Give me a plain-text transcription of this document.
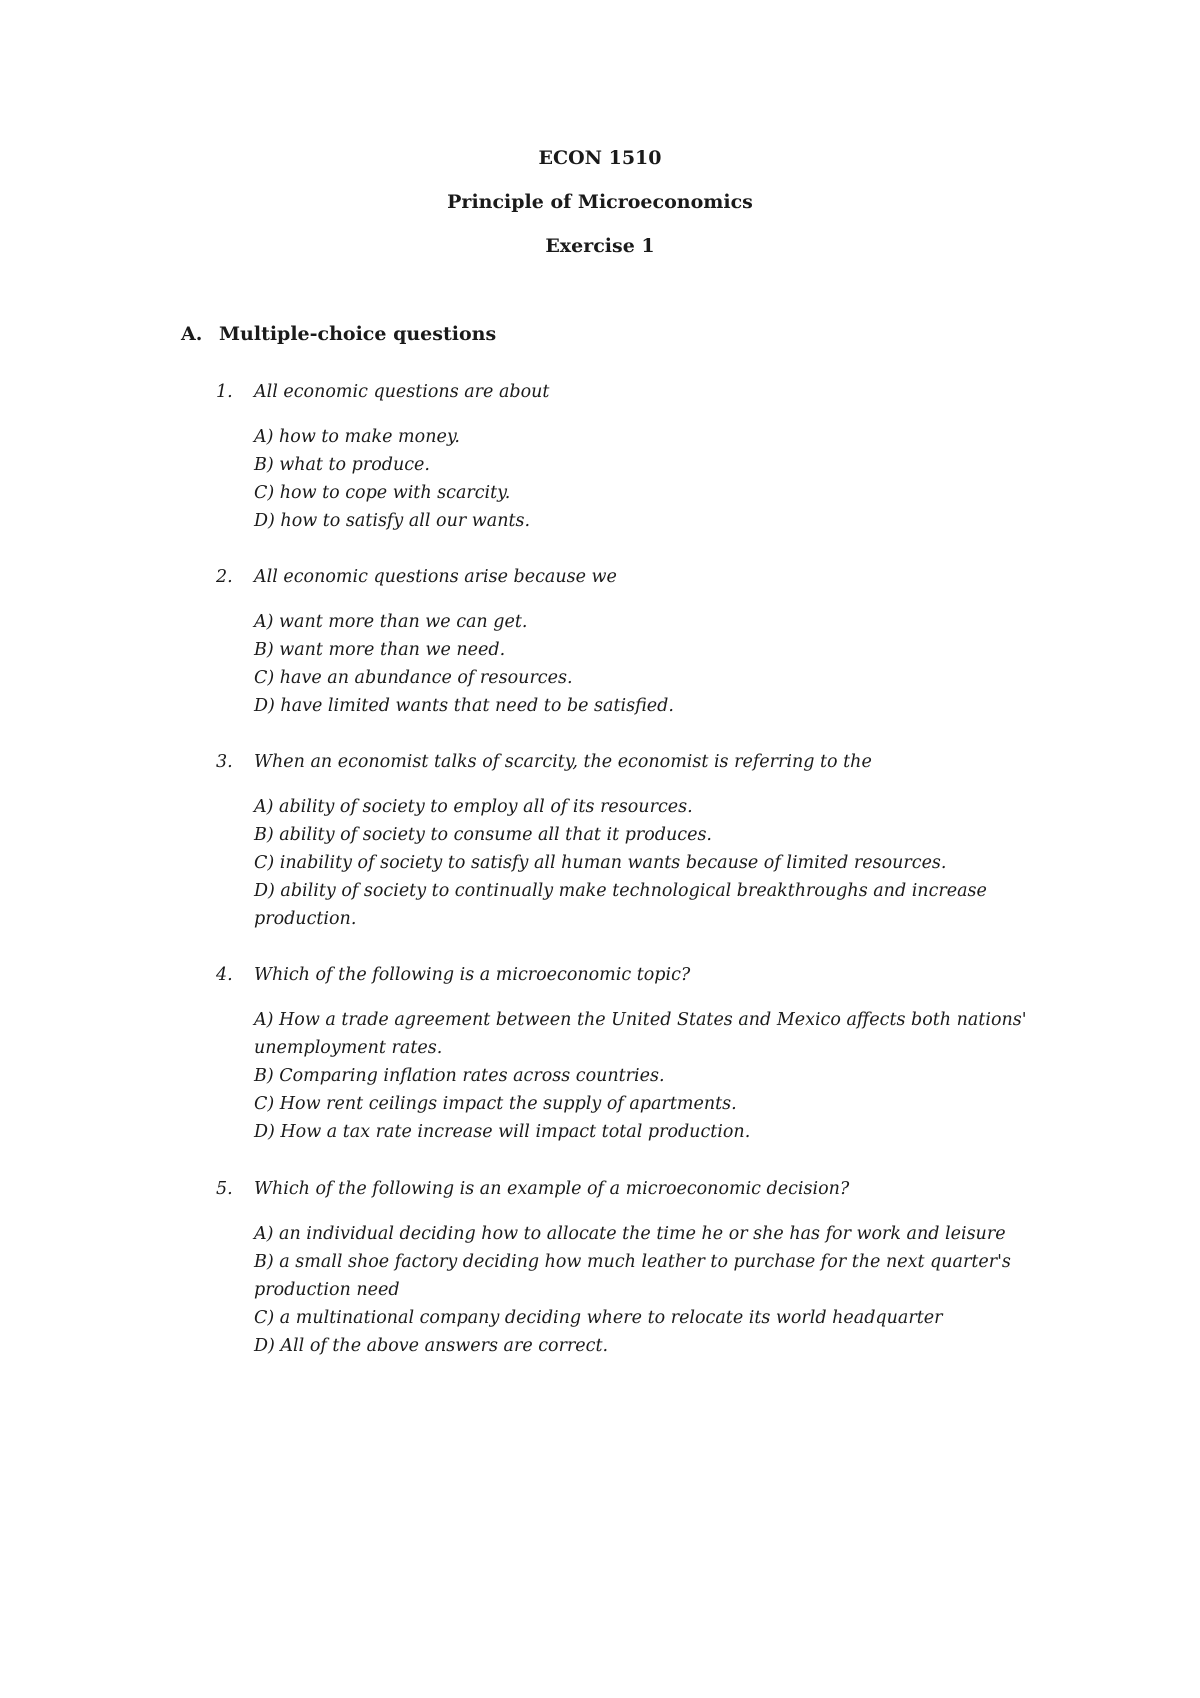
ECON 1510
Principle of Microeconomics
Exercise 1
A. Multiple-choice questions
1. All economic questions are about
A) how to make money.
B) what to produce.
C) how to cope with scarcity.
D) how to satisfy all our wants.
2. All economic questions arise because we
A) want more than we can get.
B) want more than we need.
C) have an abundance of resources.
D) have limited wants that need to be satisfied.
3. When an economist talks of scarcity, the economist is referring to the
A) ability of society to employ all of its resources.
B) ability of society to consume all that it produces.
C) inability of society to satisfy all human wants because of limited resources.
D) ability of society to continually make technological breakthroughs and increase production.
4. Which of the following is a microeconomic topic?
A) How a trade agreement between the United States and Mexico affects both nations' unemployment rates.
B) Comparing inflation rates across countries.
C) How rent ceilings impact the supply of apartments.
D) How a tax rate increase will impact total production.
5. Which of the following is an example of a microeconomic decision?
A) an individual deciding how to allocate the time he or she has for work and leisure
B) a small shoe factory deciding how much leather to purchase for the next quarter's production need
C) a multinational company deciding where to relocate its world headquarter
D) All of the above answers are correct.
